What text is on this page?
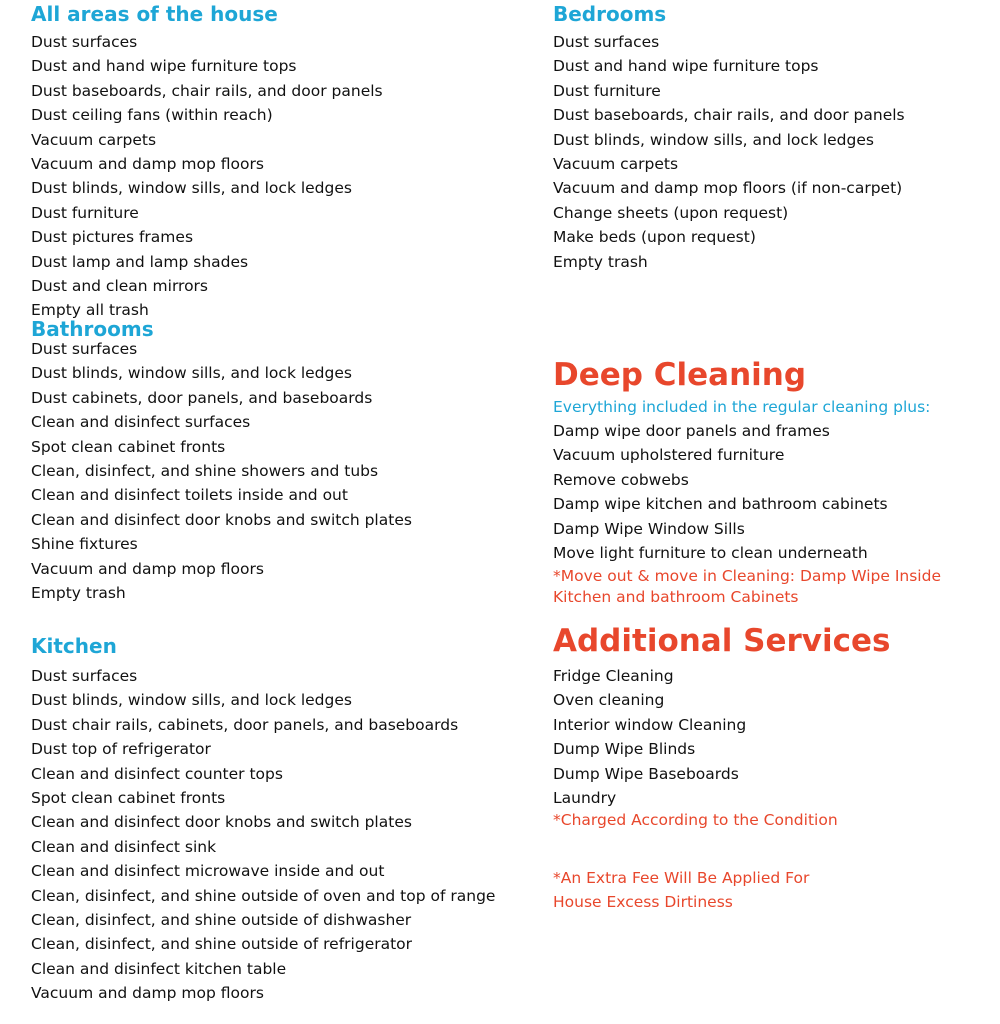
All areas of the house
Dust surfaces
Dust and hand wipe furniture tops
Dust baseboards, chair rails, and door panels
Dust ceiling fans (within reach)
Vacuum carpets
Vacuum and damp mop floors
Dust blinds, window sills, and lock ledges
Dust furniture
Dust pictures frames
Dust lamp and lamp shades
Dust and clean mirrors
Empty all trash
Bathrooms
Dust surfaces
Dust blinds, window sills, and lock ledges
Dust cabinets, door panels, and baseboards
Clean and disinfect surfaces
Spot clean cabinet fronts
Clean, disinfect, and shine showers and tubs
Clean and disinfect toilets inside and out
Clean and disinfect door knobs and switch plates
Shine fixtures
Vacuum and damp mop floors
Empty trash
Kitchen
Dust surfaces
Dust blinds, window sills, and lock ledges
Dust chair rails, cabinets, door panels, and baseboards
Dust top of refrigerator
Clean and disinfect counter tops
Spot clean cabinet fronts
Clean and disinfect door knobs and switch plates
Clean and disinfect sink
Clean and disinfect microwave inside and out
Clean, disinfect, and shine outside of oven and top of range
Clean, disinfect, and shine outside of dishwasher
Clean, disinfect, and shine outside of refrigerator
Clean and disinfect kitchen table
Vacuum and damp mop floors
Bedrooms
Dust surfaces
Dust and hand wipe furniture tops
Dust furniture
Dust baseboards, chair rails, and door panels
Dust blinds, window sills, and lock ledges
Vacuum carpets
Vacuum and damp mop floors (if non-carpet)
Change sheets (upon request)
Make beds (upon request)
Empty trash
Deep Cleaning
Everything included in the regular cleaning plus:
Damp wipe door panels and frames
Vacuum upholstered furniture
Remove cobwebs
Damp wipe kitchen and bathroom cabinets
Damp Wipe Window Sills
Move light furniture to clean underneath
*Move out & move in Cleaning: Damp Wipe Inside
Kitchen and bathroom Cabinets
Additional Services
Fridge Cleaning
Oven cleaning
Interior window Cleaning
Dump Wipe Blinds
Dump Wipe Baseboards
Laundry
*Charged According to the Condition
*An Extra Fee Will Be Applied For
House Excess Dirtiness
